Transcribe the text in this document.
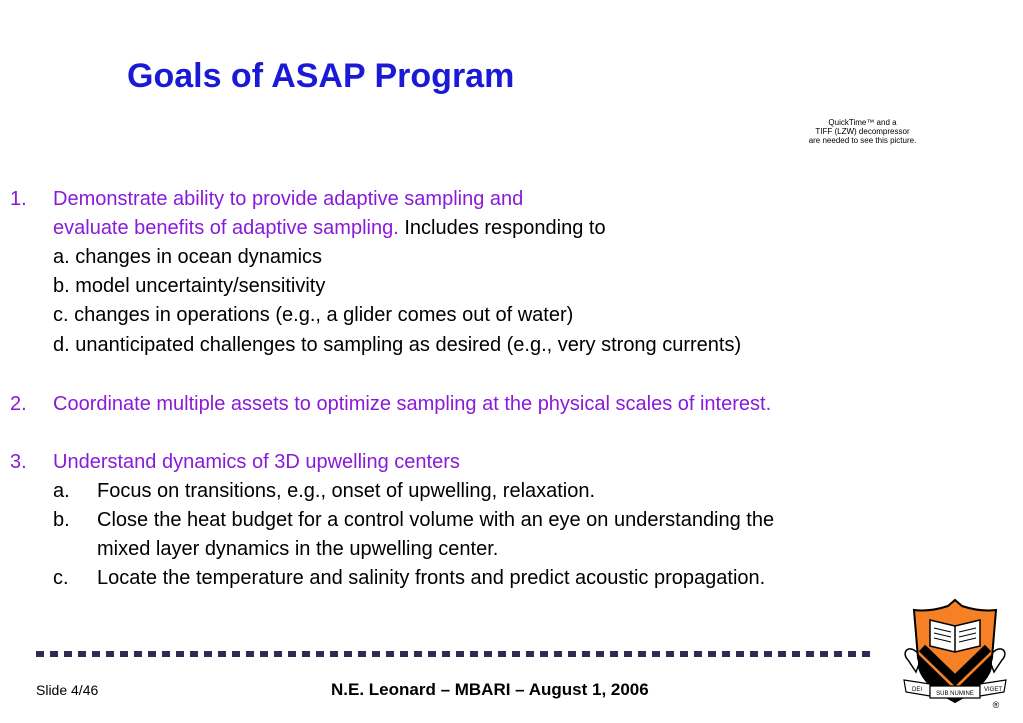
Goals of ASAP Program
QuickTime™ and a
TIFF (LZW) decompressor
are needed to see this picture.
1. Demonstrate ability to provide adaptive sampling and
evaluate benefits of adaptive sampling. Includes responding to
a. changes in ocean dynamics
b. model uncertainty/sensitivity
c. changes in operations (e.g., a glider comes out of water)
d. unanticipated challenges to sampling as desired (e.g., very strong currents)
2. Coordinate multiple assets to optimize sampling at the physical scales of interest.
3. Understand dynamics of 3D upwelling centers
a. Focus on transitions, e.g., onset of upwelling, relaxation.
b. Close the heat budget for a control volume with an eye on understanding the
mixed layer dynamics in the upwelling center.
c. Locate the temperature and salinity fronts and predict acoustic propagation.
Slide 4/46	N.E. Leonard – MBARI – August 1, 2006	DEI
SUB NUMINE
VIGET
®
